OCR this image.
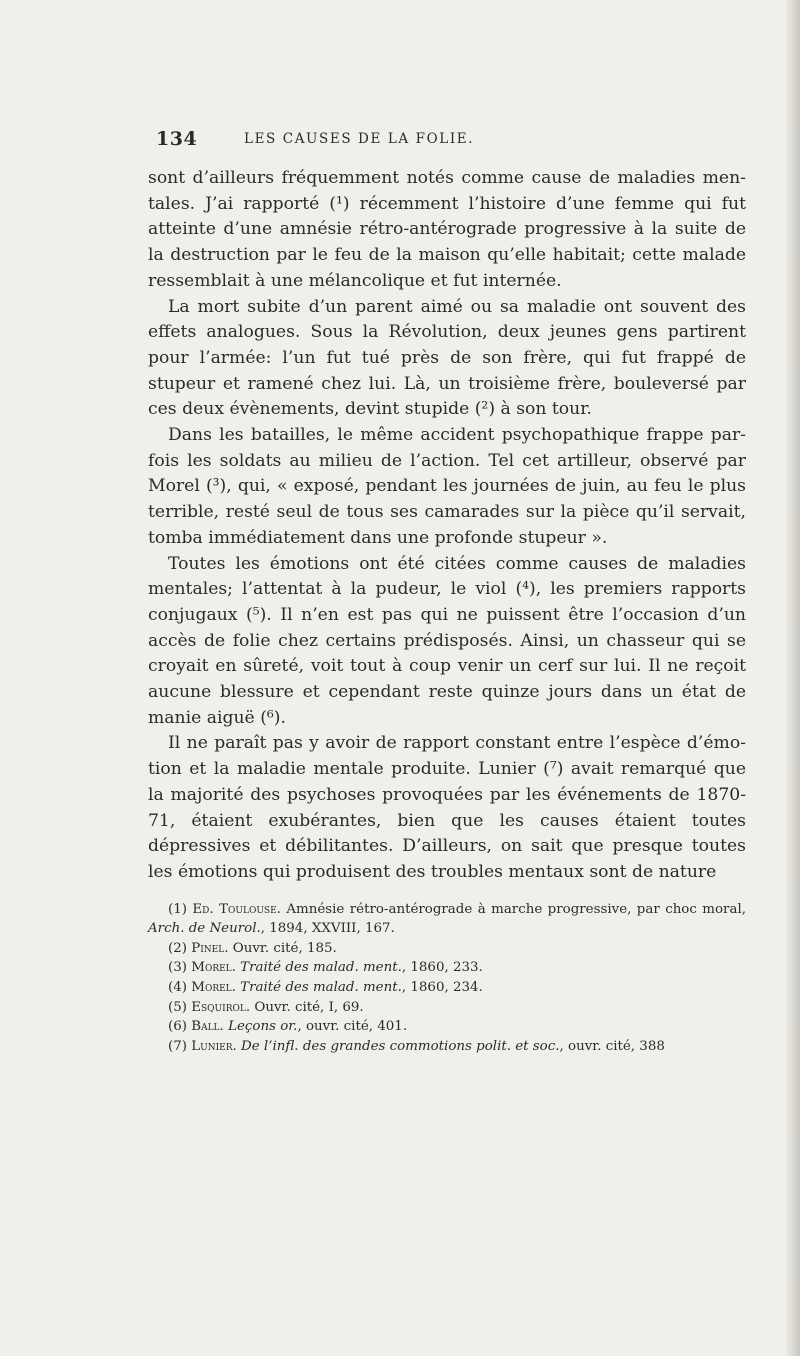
134	LES CAUSES DE LA FOLIE.

sont d’ailleurs fréquemment notés comme cause de maladies men- tales. J’ai rapporté (¹) récemment l’histoire d’une femme qui fut atteinte d’une amnésie rétro-antérograde progressive à la suite de la destruction par le feu de la maison qu’elle habitait; cette malade ressemblait à une mélancolique et fut internée.

La mort subite d’un parent aimé ou sa maladie ont souvent des effets analogues. Sous la Révolution, deux jeunes gens partirent pour l’armée: l’un fut tué près de son frère, qui fut frappé de stupeur et ramené chez lui. Là, un troisième frère, bouleversé par ces deux évènements, devint stupide (²) à son tour.

Dans les batailles, le même accident psychopathique frappe par- fois les soldats au milieu de l’action. Tel cet artilleur, observé par Morel (³), qui, « exposé, pendant les journées de juin, au feu le plus terrible, resté seul de tous ses camarades sur la pièce qu’il servait, tomba immédiatement dans une profonde stupeur ».

Toutes les émotions ont été citées comme causes de maladies mentales; l’attentat à la pudeur, le viol (⁴), les premiers rapports conjugaux (⁵). Il n’en est pas qui ne puissent être l’occasion d’un accès de folie chez certains prédisposés. Ainsi, un chasseur qui se croyait en sûreté, voit tout à coup venir un cerf sur lui. Il ne reçoit aucune blessure et cependant reste quinze jours dans un état de manie aiguë (⁶).

Il ne paraît pas y avoir de rapport constant entre l’espèce d’émo- tion et la maladie mentale produite. Lunier (⁷) avait remarqué que la majorité des psychoses provoquées par les événements de 1870-71, étaient exubérantes, bien que les causes étaient toutes dépressives et débilitantes. D’ailleurs, on sait que presque toutes les émotions qui produisent des troubles mentaux sont de nature

(1) Ed. Toulouse. Amnésie rétro-antérograde à marche progressive, par choc moral, Arch. de Neurol., 1894, XXVIII, 167.

(2) Pinel. Ouvr. cité, 185.

(3) Morel. Traité des malad. ment., 1860, 233.

(4) Morel. Traité des malad. ment., 1860, 234.

(5) Esquirol. Ouvr. cité, I, 69.

(6) Ball. Leçons or., ouvr. cité, 401.

(7) Lunier. De l’infl. des grandes commotions polit. et soc., ouvr. cité, 388
